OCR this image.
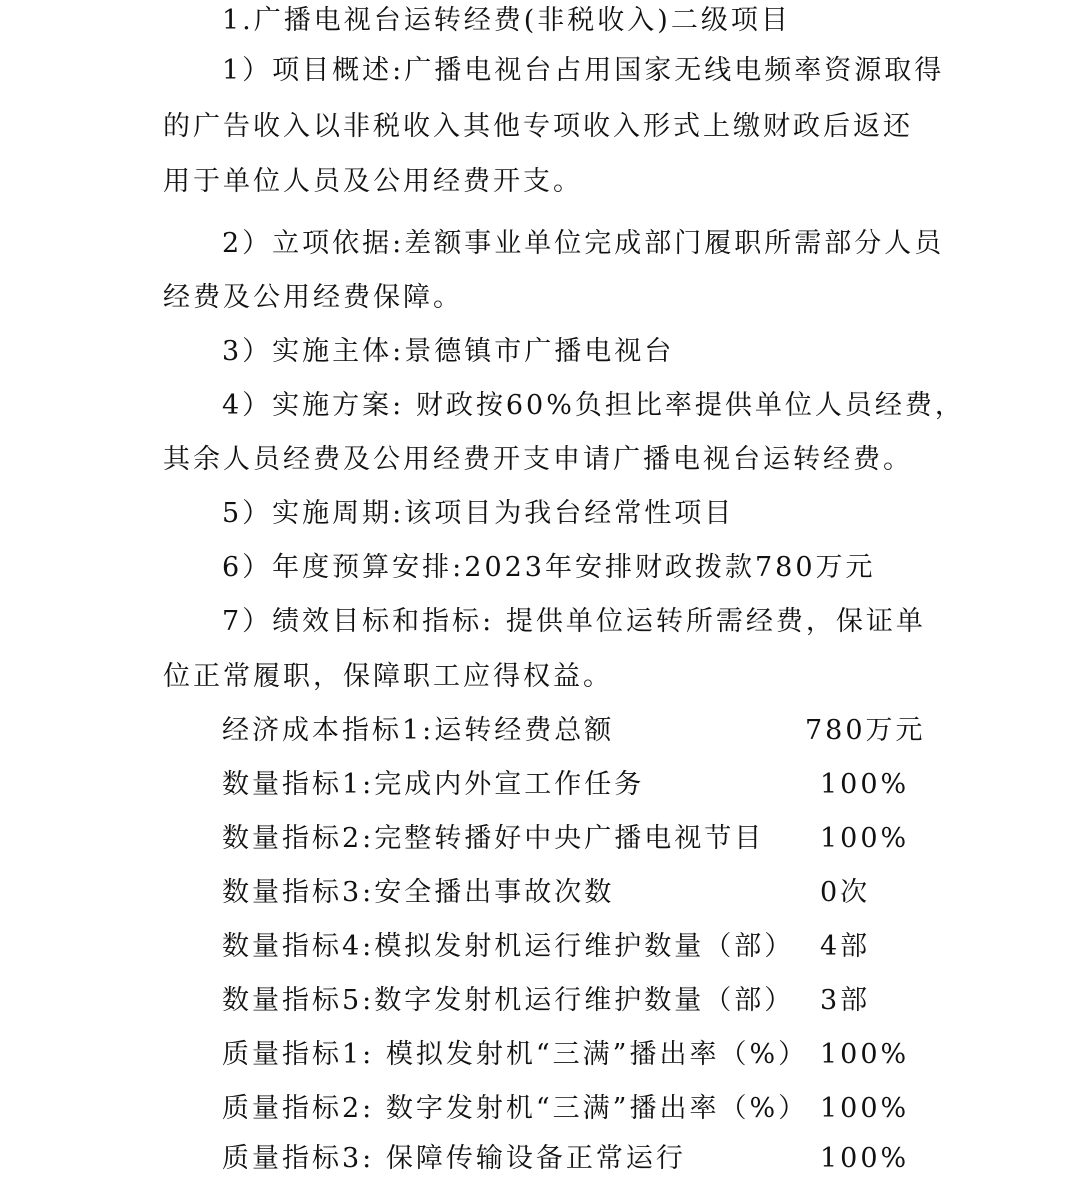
1.广播电视台运转经费(非税收入)二级项目
1）项目概述:广播电视台占用国家无线电频率资源取得
的广告收入以非税收入其他专项收入形式上缴财政后返还
用于单位人员及公用经费开支。
2）立项依据:差额事业单位完成部门履职所需部分人员
经费及公用经费保障。
3）实施主体:景德镇市广播电视台
4）实施方案: 财政按60%负担比率提供单位人员经费，
其余人员经费及公用经费开支申请广播电视台运转经费。
5）实施周期:该项目为我台经常性项目
6）年度预算安排:2023年安排财政拨款780万元
7）绩效目标和指标: 提供单位运转所需经费，保证单
位正常履职，保障职工应得权益。
经济成本指标1:运转经费总额	780万元
数量指标1:完成内外宣工作任务	100%
数量指标2:完整转播好中央广播电视节目 100%
数量指标3:安全播出事故次数	0次
数量指标4:模拟发射机运行维护数量（部） 4部
数量指标5:数字发射机运行维护数量（部） 3部
质量指标1: 模拟发射机“三满”播出率（%） 100%
质量指标2: 数字发射机“三满”播出率（%） 100%
质量指标3: 保障传输设备正常运行	100%
